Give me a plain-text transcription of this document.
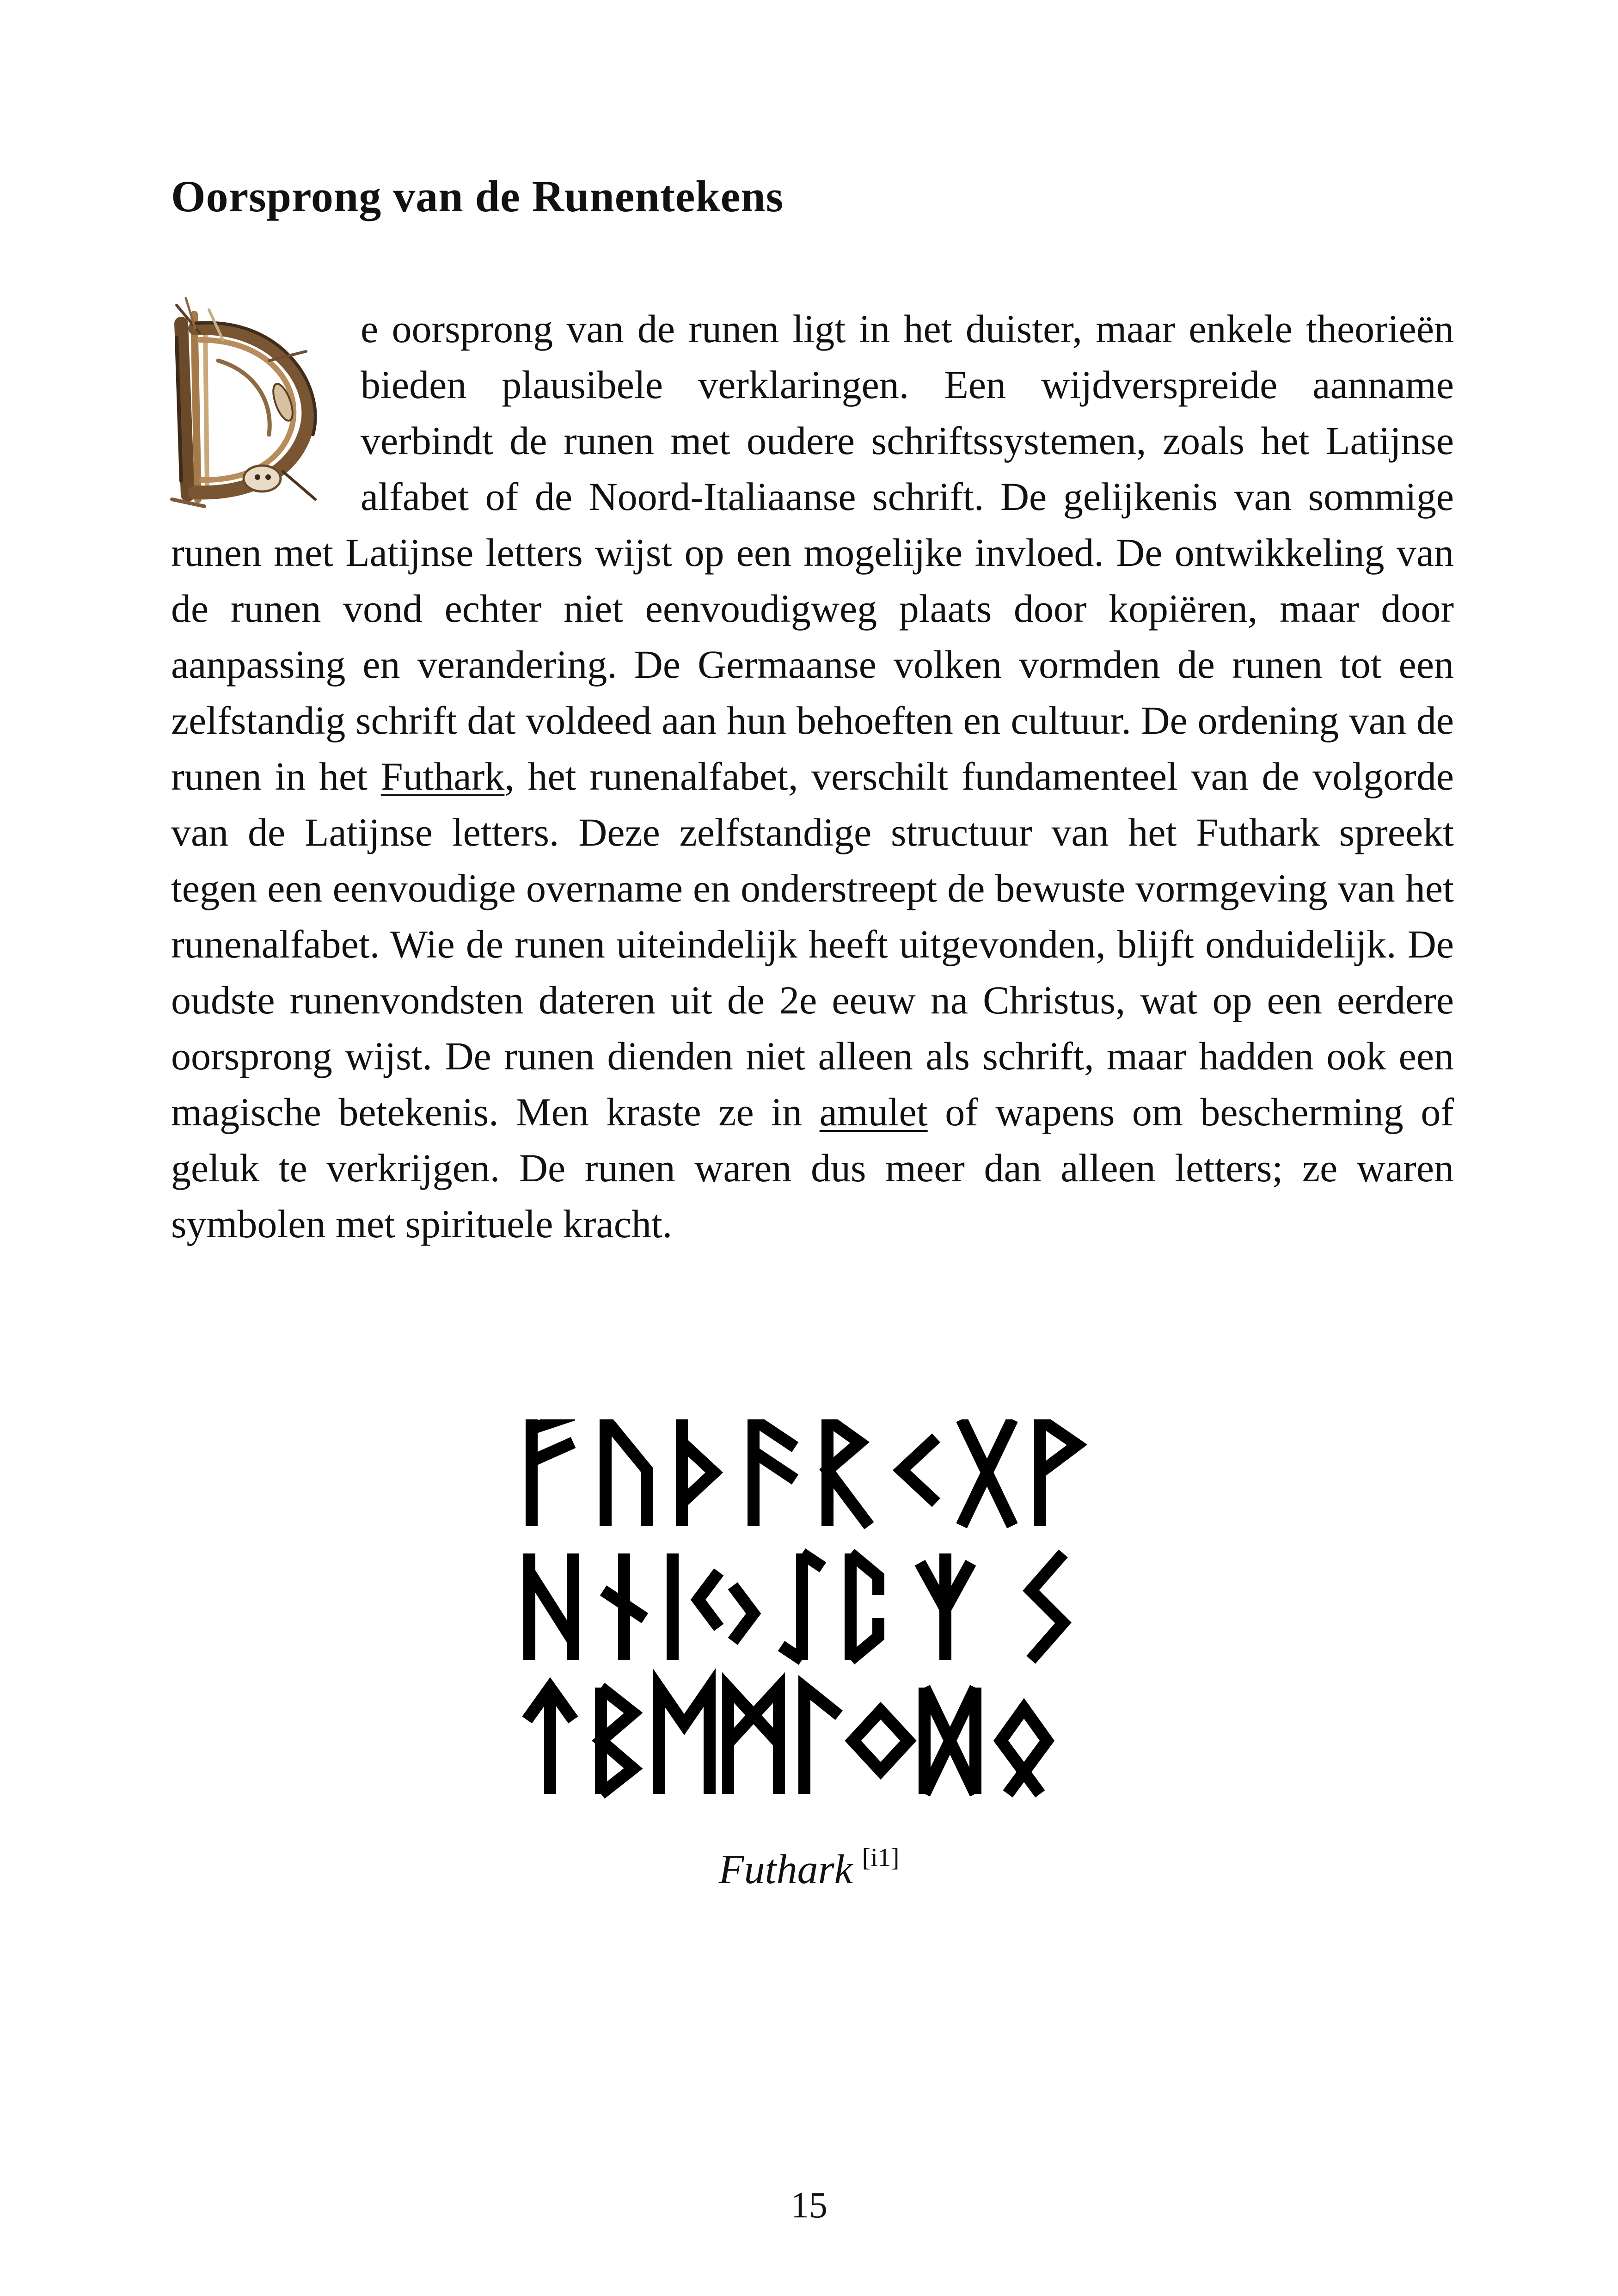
Oorsprong van de Runentekens

e oorsprong van de runen ligt in het duister, maar enkele theorieën bieden plausibele verklaringen. Een wijdverspreide aanname verbindt de runen met oudere schriftssystemen, zoals het Latijnse alfabet of de Noord-Italiaanse schrift. De gelijkenis van sommige runen met Latijnse letters wijst op een mogelijke invloed. De ontwikkeling van de runen vond echter niet eenvoudigweg plaats door kopiëren, maar door aanpassing en verandering. De Germaanse volken vormden de runen tot een zelfstandig schrift dat voldeed aan hun behoeften en cultuur. De ordening van de runen in het Futhark, het runenalfabet, verschilt fundamenteel van de volgorde van de Latijnse letters. Deze zelfstandige structuur van het Futhark spreekt tegen een eenvoudige overname en onderstreept de bewuste vormgeving van het runenalfabet. Wie de runen uiteindelijk heeft uitgevonden, blijft onduidelijk. De oudste runenvondsten dateren uit de 2e eeuw na Christus, wat op een eerdere oorsprong wijst. De runen dienden niet alleen als schrift, maar hadden ook een magische betekenis. Men kraste ze in amulet of wapens om bescherming of geluk te verkrijgen. De runen waren dus meer dan alleen letters; ze waren symbolen met spirituele kracht.

Futhark [i1]

15
